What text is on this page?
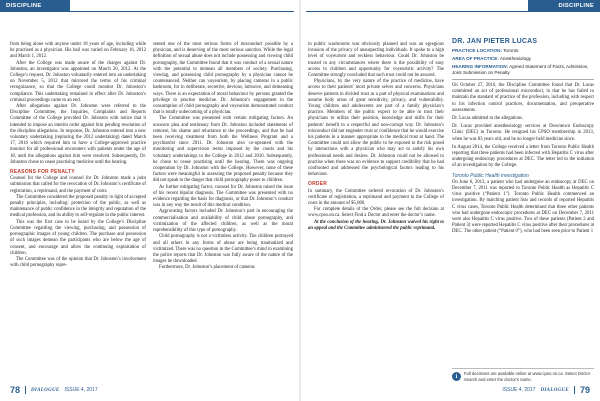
DISCIPLINE SUMMARIES

from being alone with anyone under 18 years of age, including while he practised as a physician. His bail was varied on February 16, 2012 and March 1, 2012.

After the College was made aware of the charges against Dr. Johnston, an investigator was appointed on March 20, 2012. At the College’s request, Dr. Johnston voluntarily entered into an undertaking on November 5, 2012 that mirrored the terms of his criminal recognizance, so that the College could monitor Dr. Johnston’s compliance. This undertaking remained in effect after Dr. Johnston’s criminal proceedings came to an end.

After allegations against Dr. Johnston were referred to the Discipline Committee, the Inquiries, Complaints and Reports Committee of the College provided Dr. Johnston with notice that it intended to impose an interim order against him pending resolution of the discipline allegations. In response, Dr. Johnston entered into a new voluntary undertaking (replacing the 2012 undertaking) dated March 17, 2016 which required him to have a College-approved practice monitor for all professional encounters with patients under the age of 18, until the allegations against him were resolved. Subsequently, Dr. Johnston chose to cease practising medicine until the hearing.

REASONS FOR PENALTY

Counsel for the College and counsel for Dr. Johnston made a joint submission that called for the revocation of Dr. Johnston’s certificate of registration, a reprimand, and the payment of costs.

The Committee considered the proposed penalty in light of accepted penalty principles, including: protection of the public, as well as maintenance of public confidence in the integrity and reputation of the medical profession, and its ability to self-regulate in the public interest.

This was the first case to be heard by the College’s Discipline Committee regarding the viewing, purchasing, and possession of pornographic images of young children. The purchase and possession of such images demean the participants who are below the age of consent, and encourage and allow the continuing exploitation of children.

The Committee was of the opinion that Dr. Johnston’s involvement with child pornography repre-

sented one of the most serious forms of misconduct possible by a physician, and is deserving of the most serious sanction. While the legal definition of sexual abuse does not include possessing and viewing child pornography, the Committee found that it was conduct of a sexual nature with the potential to demean all members of society. Purchasing, viewing, and possessing child pornography by a physician cannot be countenanced. Neither can voyeurism, by placing cameras in a public bathroom, for in deliberate, secretive, devious, intrusive, and demeaning ways. There is an expectation of moral behaviour by persons granted the privilege to practise medicine. Dr. Johnston’s engagement in the consumption of child pornography and voyeurism demonstrated conduct that is totally unbecoming of a physician.

The Committee was presented with certain mitigating factors. An unsworn plea and testimony from Dr. Johnston included statements of remorse, his shame and reluctance to the proceedings, and that he had been receiving treatment from both the Wellness Program and a psychiatrist since 2011. Dr. Johnston also co-operated with the monitoring and supervision terms imposed by the courts and his voluntary undertakings to the College in 2012 and 2016. Subsequently, he chose to cease practising until the hearing. There was ongoing cooperation by Dr. Johnston with the College. However, none of these factors were meaningful in assessing the proposed penalty because they did not speak to the danger that child pornography poses to children.

As further mitigating factor, counsel for Dr. Johnston raised the issue of his recent bipolar diagnosis. The Committee was presented with no evidence regarding the basis for diagnosis, or that Dr. Johnston’s conduct was in any way the result of this medical condition.

Aggravating factors included Dr. Johnston’s part in encouraging the commercialisation and availability of child abuse pornography, and victimization of the affected children, as well as the moral reprehensibility of this type of pornography.

Child pornography is not a victimless activity. The children portrayed and all others in any forms of abuse are being traumatized and victimized. There was no question in the Committee’s mind in examining the police reports that Dr. Johnston was fully aware of the nature of the images he downloaded.

Furthermore, Dr. Johnston’s placement of cameras

78 DIALOGUE ISSUE 4, 2017
DISCIPLINE SUMMARIES

in public washrooms was obviously planned and was an egregious invasion of the privacy of unsuspecting individuals. It spoke to a high level of voyeurism and reckless behaviour. Could Dr. Johnston be trusted in any circumstances where there is the possibility of easy access to children and opportunity for voyeuristic activity? The Committee strongly concluded that such trust could not be assured.

Physicians, by the very nature of the practice of medicine, have access to their patients’ most private selves and concerns. Physicians deserve patients in divided trust as a part of physical examinations and assume body areas of great sensitivity, privacy, and vulnerability. Young children and adolescents are part of a family physician’s practice. Members of the public expect to be able to trust their physicians to utilize their position, knowledge and skills for their patients’ benefit to a respectful and non-corrupt way. Dr. Johnston’s misconduct did not engender trust or confidence that he would exercise his patients in a manner appropriate to the medical trust at hand. The Committee could not allow the public to be exposed to the risk posed by interactions with a physician who may act to satisfy his own professional needs and desires. Dr. Johnston could not be allowed to practise when there was no evidence to support credibility that he had confronted and addressed the psychological factors leading to his behaviour.

ORDER

In summary, the Committee ordered revocation of Dr. Johnston’s certificate of registration, a reprimand and payment to the College of costs in the amount of $5,000.

For complete details of the Order, please see the full decision at www.cpso.on.ca. Select Find a Doctor and enter the doctor’s name.

At the conclusion of the hearing, Dr. Johnston waived his right to an appeal and the Committee administered the public reprimand.

DR. JAN PIETER LUCAS
PRACTICE LOCATION: Toronto
AREA OF PRACTICE: Anesthesiology
HEARING INFORMATION: Agreed Statement of Facts, Admission, Joint Submission on Penalty

On October 27, 2016, the Discipline Committee found that Dr. Lucas committed an act of professional misconduct, in that he has failed to maintain the standard of practice of the profession, including with respect to his infection control practices, documentation, and preoperative assessments.

Dr. Lucas admitted to the allegations.

Dr. Lucas provided anesthesiology services at Downtown Endoscopy Clinic (DEC) in Toronto. He resigned his CPSO membership in 2013, when he was 83 years old, and he no longer held medicine since.

In August 2014, the College received a letter from Toronto Public Health reporting that three patients had been infected with Hepatitis C virus after undergoing endoscopy procedures at DEC. The letter led to the initiation of an investigation by the College.

Toronto Public Health investigation

On June 6, 2013, a patient who had undergone an endoscopy at DEC on December 7, 2011 was reported to Toronto Public Health as Hepatitis C virus positive (“Patient 1”). Toronto Public Health commenced an investigation. By matching patient lists and records of reported Hepatitis C virus cases, Toronto Public Health determined that three other patients who had undergone endoscopic procedures at DEC on December 7, 2011 were also Hepatitis C virus positive. Two of these patients (Patient 2 and Patient 3) were reported Hepatitis C virus positive after their procedures at DEC. The other patient (“Patient 0”), who had been seen prior to Patient 1

i	Full decisions are available online at www.cpso.on.ca. Select Doctor Search and enter the doctor’s name.
ISSUE 4, 2017 DIALOGUE 79
